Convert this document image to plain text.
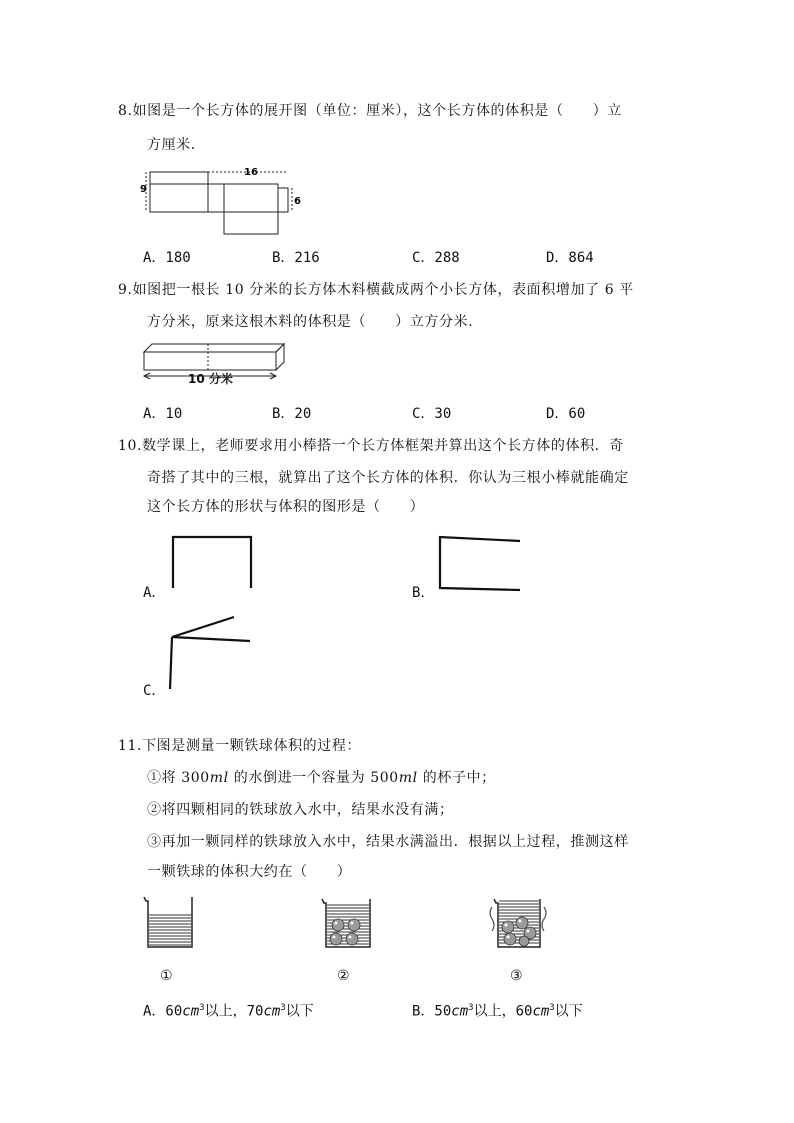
8.如图是一个长方体的展开图（单位：厘米），这个长方体的体积是（　　）立
方厘米.
16
9
6
A．180	B．216	C．288	D．864
9.如图把一根长 10 分米的长方体木料横截成两个小长方体，表面积增加了 6 平
方分米，原来这根木料的体积是（　　）立方分米.
10 分米
A．10	B．20	C．30	D．60
10.数学课上，老师要求用小棒搭一个长方体框架并算出这个长方体的体积．奇
奇搭了其中的三根，就算出了这个长方体的体积．你认为三根小棒就能确定
这个长方体的形状与体积的图形是（　　）
A．	B．
C．
11.下图是测量一颗铁球体积的过程：
①将 300ml 的水倒进一个容量为 500ml 的杯子中；
②将四颗相同的铁球放入水中，结果水没有满；
③再加一颗同样的铁球放入水中，结果水满溢出．根据以上过程，推测这样
一颗铁球的体积大约在（　　）
①	②	③
A．$60cm^3$以上，$70cm^3$以下	B．$50cm^3$以上，$60cm^3$以下
